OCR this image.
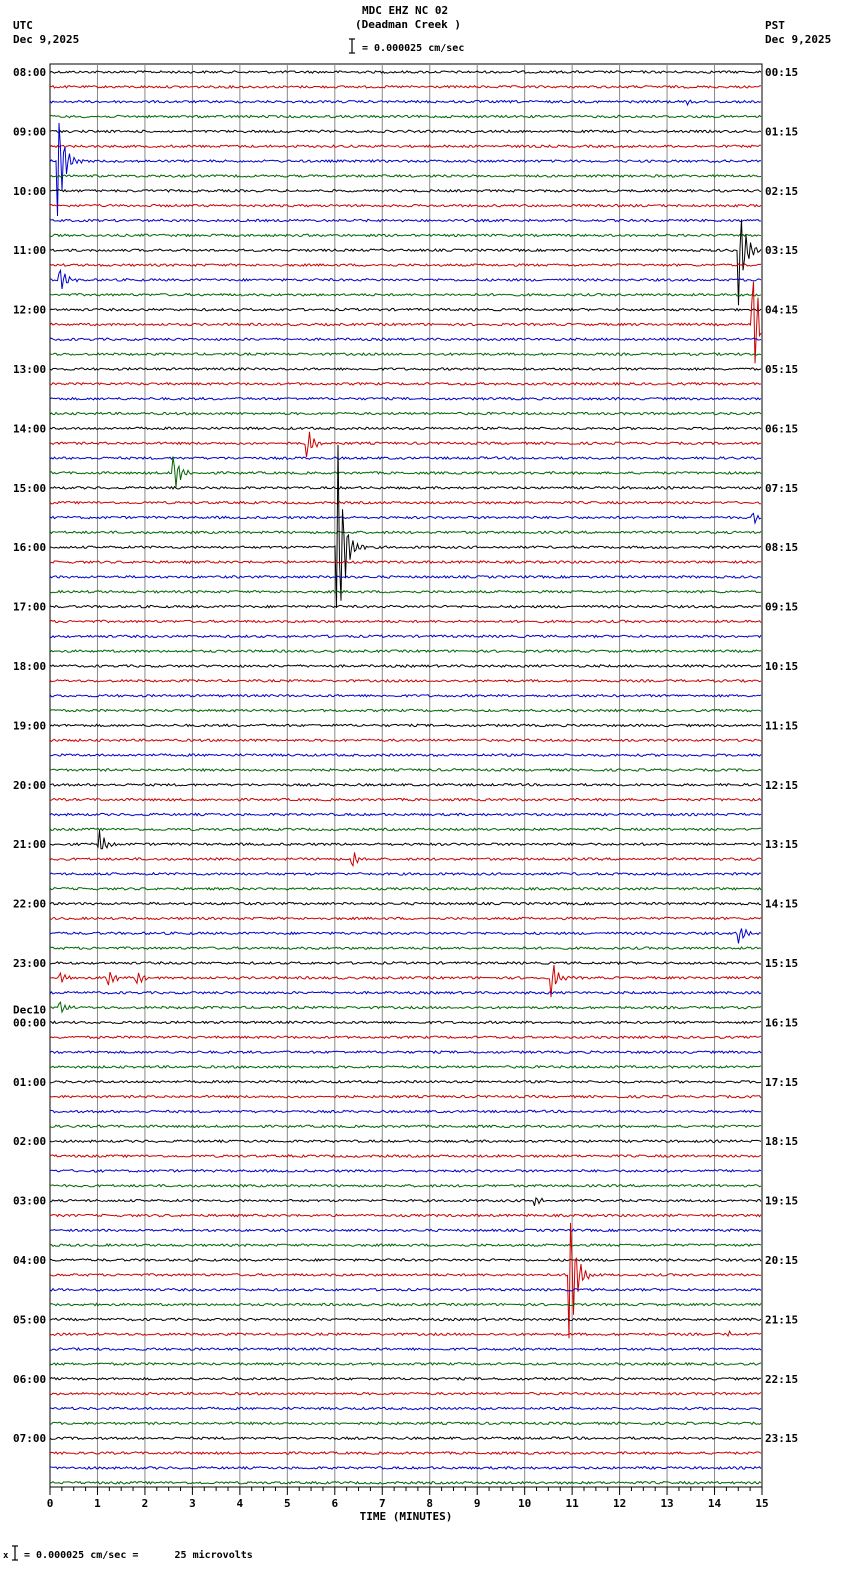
MDC EHZ NC 02
(Deadman Creek )
UTC
Dec 9,2025
PST
Dec 9,2025
= 0.000025 cm/sec
0	1	2	3	4	5	6	7	8	9	10	11	12	13	14	15
TIME (MINUTES)
08:00
09:00
10:00
11:00
12:00
13:00
14:00
15:00
16:00
17:00
18:00
19:00
20:00
21:00
22:00
23:00
Dec10
00:00
01:00
02:00
03:00
04:00
05:00
06:00
07:00
00:15
01:15
02:15
03:15
04:15
05:15
06:15
07:15
08:15
09:15
10:15
11:15
12:15
13:15
14:15
15:15
16:15
17:15
18:15
19:15
20:15
21:15
22:15
23:15
x = 0.000025 cm/sec =      25 microvolts
